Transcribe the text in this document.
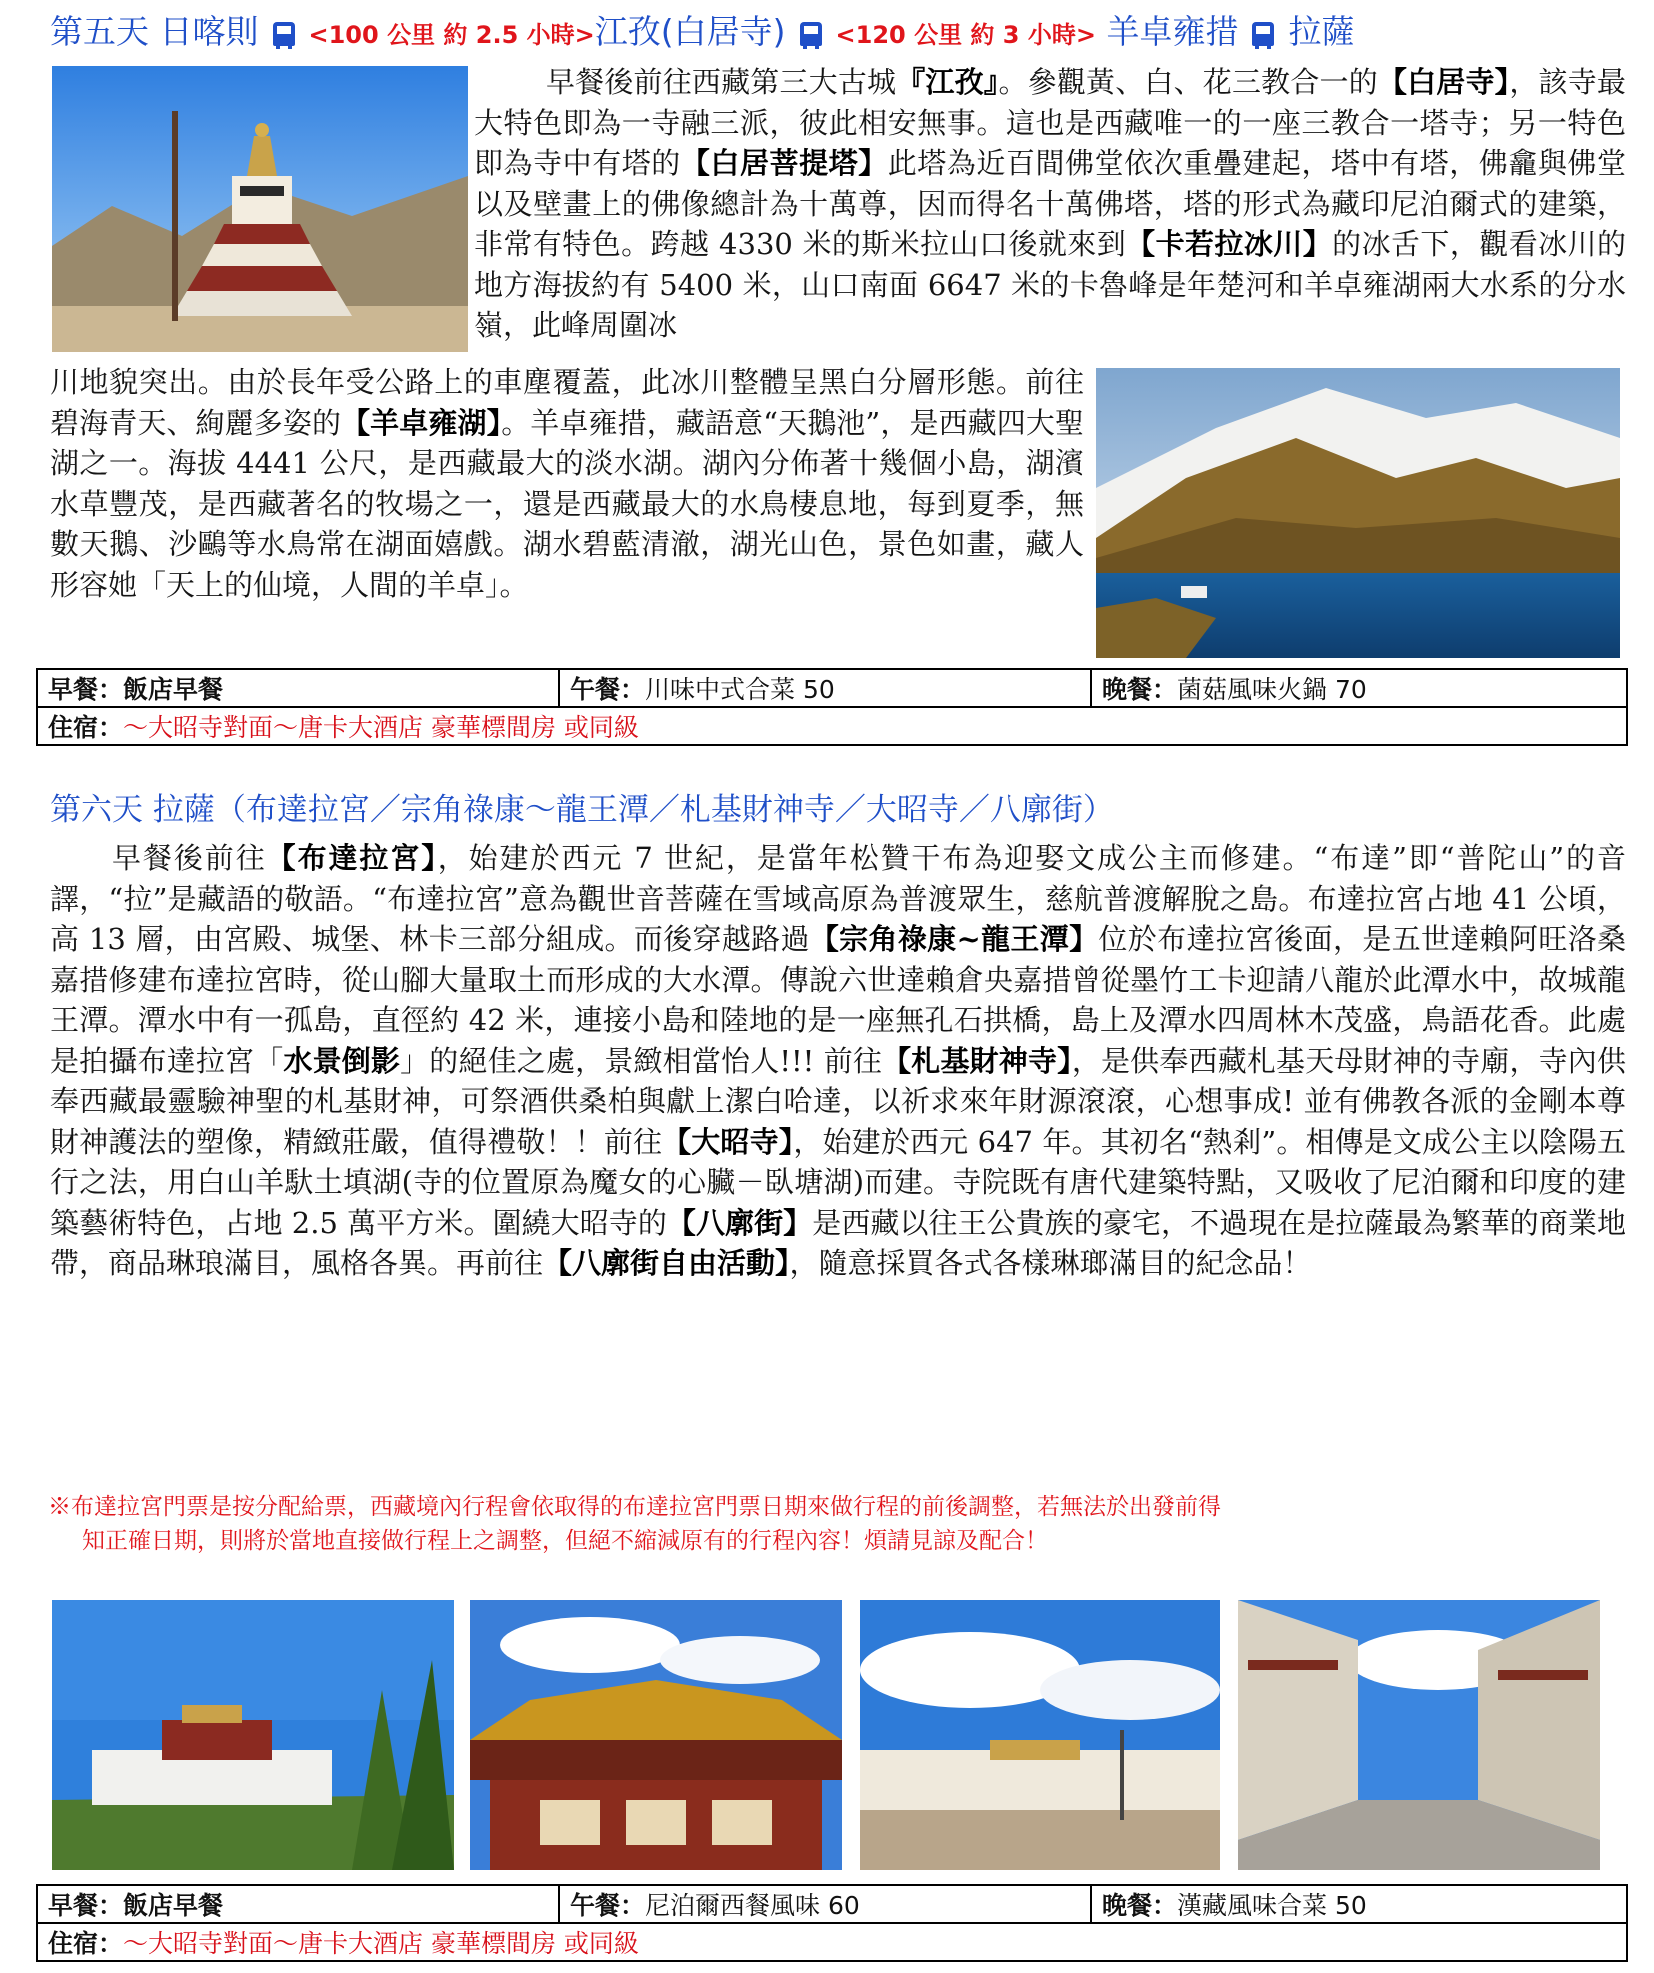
第五天 日喀則 <100 公里 約 2.5 小時>江孜(白居寺) <120 公里 約 3 小時> 羊卓雍措 拉薩
早餐後前往西藏第三大古城『江孜』。參觀黃、白、花三教合一的【白居寺】，該寺最大特色即為一寺融三派，彼此相安無事。這也是西藏唯一的一座三教合一塔寺；另一特色即為寺中有塔的【白居菩提塔】此塔為近百間佛堂依次重疊建起，塔中有塔，佛龕與佛堂以及壁畫上的佛像總計為十萬尊，因而得名十萬佛塔，塔的形式為藏印尼泊爾式的建築，非常有特色。跨越 4330 米的斯米拉山口後就來到【卡若拉冰川】的冰舌下，觀看冰川的地方海拔約有 5400 米，山口南面 6647 米的卡魯峰是年楚河和羊卓雍湖兩大水系的分水嶺，此峰周圍冰
川地貌突出。由於長年受公路上的車塵覆蓋，此冰川整體呈黑白分層形態。前往碧海青天、絢麗多姿的【羊卓雍湖】。羊卓雍措，藏語意“天鵝池”，是西藏四大聖湖之一。海拔 4441 公尺，是西藏最大的淡水湖。湖內分佈著十幾個小島，湖濱水草豐茂，是西藏著名的牧場之一，還是西藏最大的水鳥棲息地，每到夏季，無數天鵝、沙鷗等水鳥常在湖面嬉戲。湖水碧藍清澈，湖光山色，景色如畫，藏人形容她「天上的仙境，人間的羊卓」。
早餐：飯店早餐	午餐：川味中式合菜 50	晚餐：菌菇風味火鍋 70
住宿：～大昭寺對面～唐卡大酒店 豪華標間房 或同級
第六天 拉薩（布達拉宮／宗角祿康～龍王潭／札基財神寺／大昭寺／八廓街）
早餐後前往【布達拉宮】，始建於西元 7 世紀，是當年松贊干布為迎娶文成公主而修建。“布達”即“普陀山”的音譯，“拉”是藏語的敬語。“布達拉宮”意為觀世音菩薩在雪域高原為普渡眾生，慈航普渡解脫之島。布達拉宮占地 41 公頃，高 13 層，由宮殿、城堡、林卡三部分組成。而後穿越路過【宗角祿康~龍王潭】位於布達拉宮後面，是五世達賴阿旺洛桑嘉措修建布達拉宮時，從山腳大量取土而形成的大水潭。傳說六世達賴倉央嘉措曾從墨竹工卡迎請八龍於此潭水中，故城龍王潭。潭水中有一孤島，直徑約 42 米，連接小島和陸地的是一座無孔石拱橋，島上及潭水四周林木茂盛，鳥語花香。此處是拍攝布達拉宮「水景倒影」的絕佳之處，景緻相當怡人!!! 前往【札基財神寺】，是供奉西藏札基天母財神的寺廟，寺內供奉西藏最靈驗神聖的札基財神，可祭酒供桑柏與獻上潔白哈達，以祈求來年財源滾滾，心想事成! 並有佛教各派的金剛本尊財神護法的塑像，精緻莊嚴，值得禮敬！！前往【大昭寺】，始建於西元 647 年。其初名“熱剎”。相傳是文成公主以陰陽五行之法，用白山羊馱土填湖(寺的位置原為魔女的心臟－臥塘湖)而建。寺院既有唐代建築特點，又吸收了尼泊爾和印度的建築藝術特色，占地 2.5 萬平方米。圍繞大昭寺的【八廓街】是西藏以往王公貴族的豪宅，不過現在是拉薩最為繁華的商業地帶，商品琳琅滿目，風格各異。再前往【八廓街自由活動】，隨意採買各式各樣琳瑯滿目的紀念品！
※布達拉宮門票是按分配給票，西藏境內行程會依取得的布達拉宮門票日期來做行程的前後調整，若無法於出發前得
知正確日期，則將於當地直接做行程上之調整，但絕不縮減原有的行程內容！煩請見諒及配合！
早餐：飯店早餐	午餐：尼泊爾西餐風味 60	晚餐：漢藏風味合菜 50
住宿：～大昭寺對面～唐卡大酒店 豪華標間房 或同級
